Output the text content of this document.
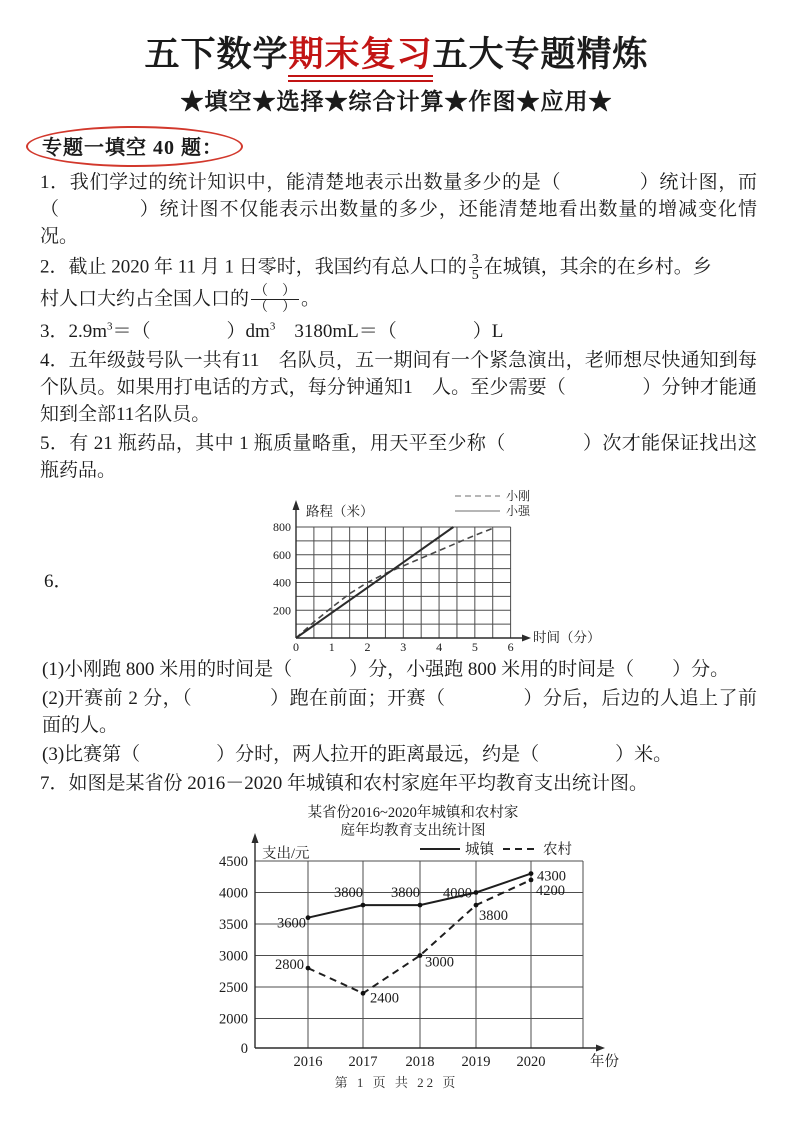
五下数学期末复习五大专题精炼
★填空★选择★综合计算★作图★应用★
专题一填空 40 题：

1．我们学过的统计知识中，能清楚地表示出数量多少的是（　　　　）统计图，而（　　　　）统计图不仅能表示出数量的多少，还能清楚地看出数量的增减变化情况。

2．截止 2020 年 11 月 1 日零时，我国约有总人口的 $\frac{3}{5}$ 在城镇，其余的在乡村。乡
村人口大约占全国人口的 $\frac{( )}{( )}$ 。

3．$2.9m^3=$（　　　　）$dm^3$　3180mL＝（　　　　）L

4．五年级鼓号队一共有11　名队员，五一期间有一个紧急演出，老师想尽快通知到每个队员。如果用打电话的方式，每分钟通知1　人。至少需要（　　　　）分钟才能通知到全部11名队员。

5．有 21 瓶药品，其中 1 瓶质量略重，用天平至少称（　　　　）次才能保证找出这瓶药品。

6．
0 1 2 3 4 5 6
200
400
600
800
路程（米）
时间（分）
小刚
小强

(1)小刚跑 800 米用的时间是（　　　）分，小强跑 800 米用的时间是（　　）分。

(2)开赛前 2 分，（　　　　）跑在前面；开赛（　　　　）分后，后边的人追上了前面的人。

(3)比赛第（　　　　）分时，两人拉开的距离最远，约是（　　　　）米。

7．如图是某省份 2016－2020 年城镇和农村家庭年平均教育支出统计图。

某省份2016~2020年城镇和农村家
庭年均教育支出统计图
0
2000
2500
3000
3500
4000
4500
2016 2017 2018 2019 2020
支出/元
年份
城镇	农村
3600
3800 3800 4000
4300
2800
2400
3000
3800
4200
第 1 页 共 22 页
